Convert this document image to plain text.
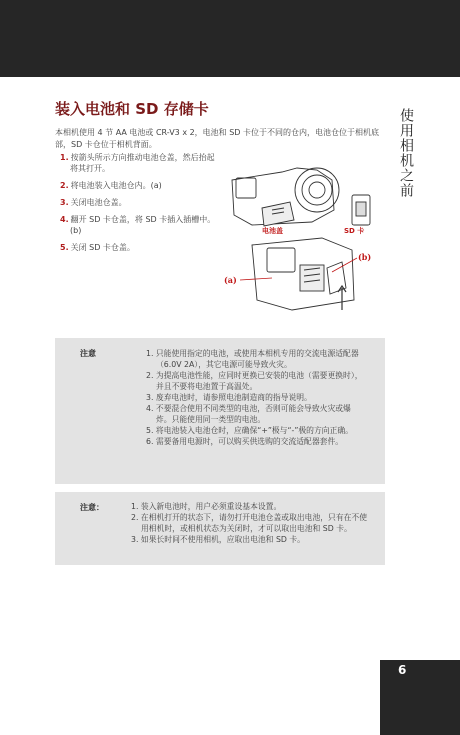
装入电池和 SD 存储卡	使用相机之前
本相机使用 4 节 AA 电池或 CR-V3 x 2，电池和 SD 卡位于不同的仓内，电池仓位于相机底部，SD 卡仓位于相机背面。
1. 按箭头所示方向推动电池仓盖，然后抬起将其打开。
2. 将电池装入电池仓内。(a)
3. 关闭电池仓盖。
4. 翻开 SD 卡仓盖，将 SD 卡插入插槽中。(b)
5. 关闭 SD 卡仓盖。
电池盖	SD 卡
(a)
(b)
注意	1. 只能使用指定的电池，或使用本相机专用的交流电源适配器（6.0V 2A），其它电源可能导致火灾。
2. 为提高电池性能，应同时更换已安装的电池（需要更换时），并且不要将电池置于高温处。
3. 废弃电池时，请参照电池制造商的指导说明。
4. 不要混合使用不同类型的电池，否则可能会导致火灾或爆炸。只能使用同一类型的电池。
5. 将电池装入电池仓时，应确保“+”极与“-”极的方向正确。
6. 需要备用电源时，可以购买供选购的交流适配器套件。
注意：	1. 装入新电池时，用户必须重设基本设置。
2. 在相机打开的状态下，请勿打开电池仓盖或取出电池，只有在不使用相机时，或相机状态为关闭时，才可以取出电池和 SD 卡。
3. 如果长时间不使用相机，应取出电池和 SD 卡。
6
